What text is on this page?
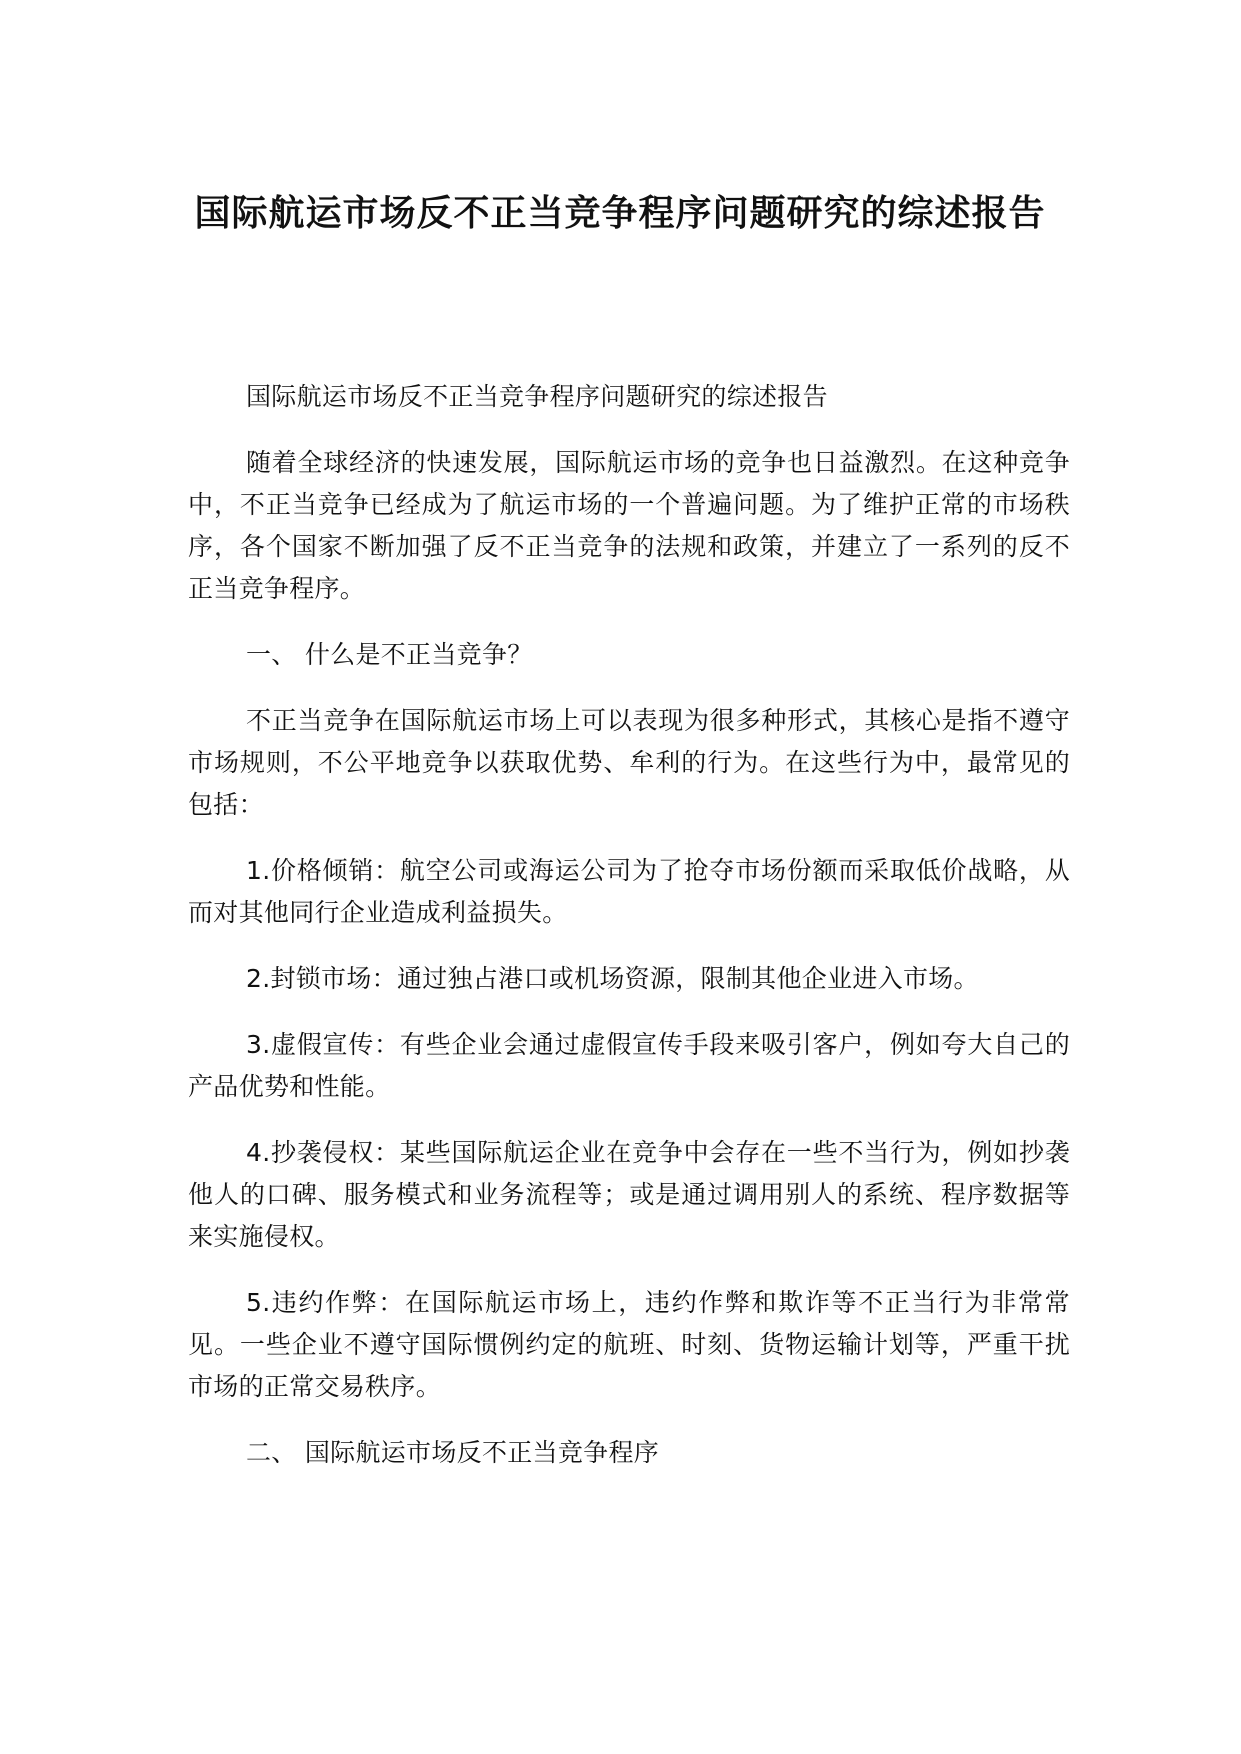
国际航运市场反不正当竞争程序问题研究的综述报告

国际航运市场反不正当竞争程序问题研究的综述报告

随着全球经济的快速发展，国际航运市场的竞争也日益激烈。在这种竞争中，不正当竞争已经成为了航运市场的一个普遍问题。为了维护正常的市场秩序，各个国家不断加强了反不正当竞争的法规和政策，并建立了一系列的反不正当竞争程序。

一、 什么是不正当竞争？

不正当竞争在国际航运市场上可以表现为很多种形式，其核心是指不遵守市场规则，不公平地竞争以获取优势、牟利的行为。在这些行为中，最常见的包括：

1.价格倾销：航空公司或海运公司为了抢夺市场份额而采取低价战略，从而对其他同行企业造成利益损失。

2.封锁市场：通过独占港口或机场资源，限制其他企业进入市场。

3.虚假宣传：有些企业会通过虚假宣传手段来吸引客户，例如夸大自己的产品优势和性能。

4.抄袭侵权：某些国际航运企业在竞争中会存在一些不当行为，例如抄袭他人的口碑、服务模式和业务流程等；或是通过调用别人的系统、程序数据等来实施侵权。

5.违约作弊：在国际航运市场上，违约作弊和欺诈等不正当行为非常常见。一些企业不遵守国际惯例约定的航班、时刻、货物运输计划等，严重干扰市场的正常交易秩序。

二、 国际航运市场反不正当竞争程序
